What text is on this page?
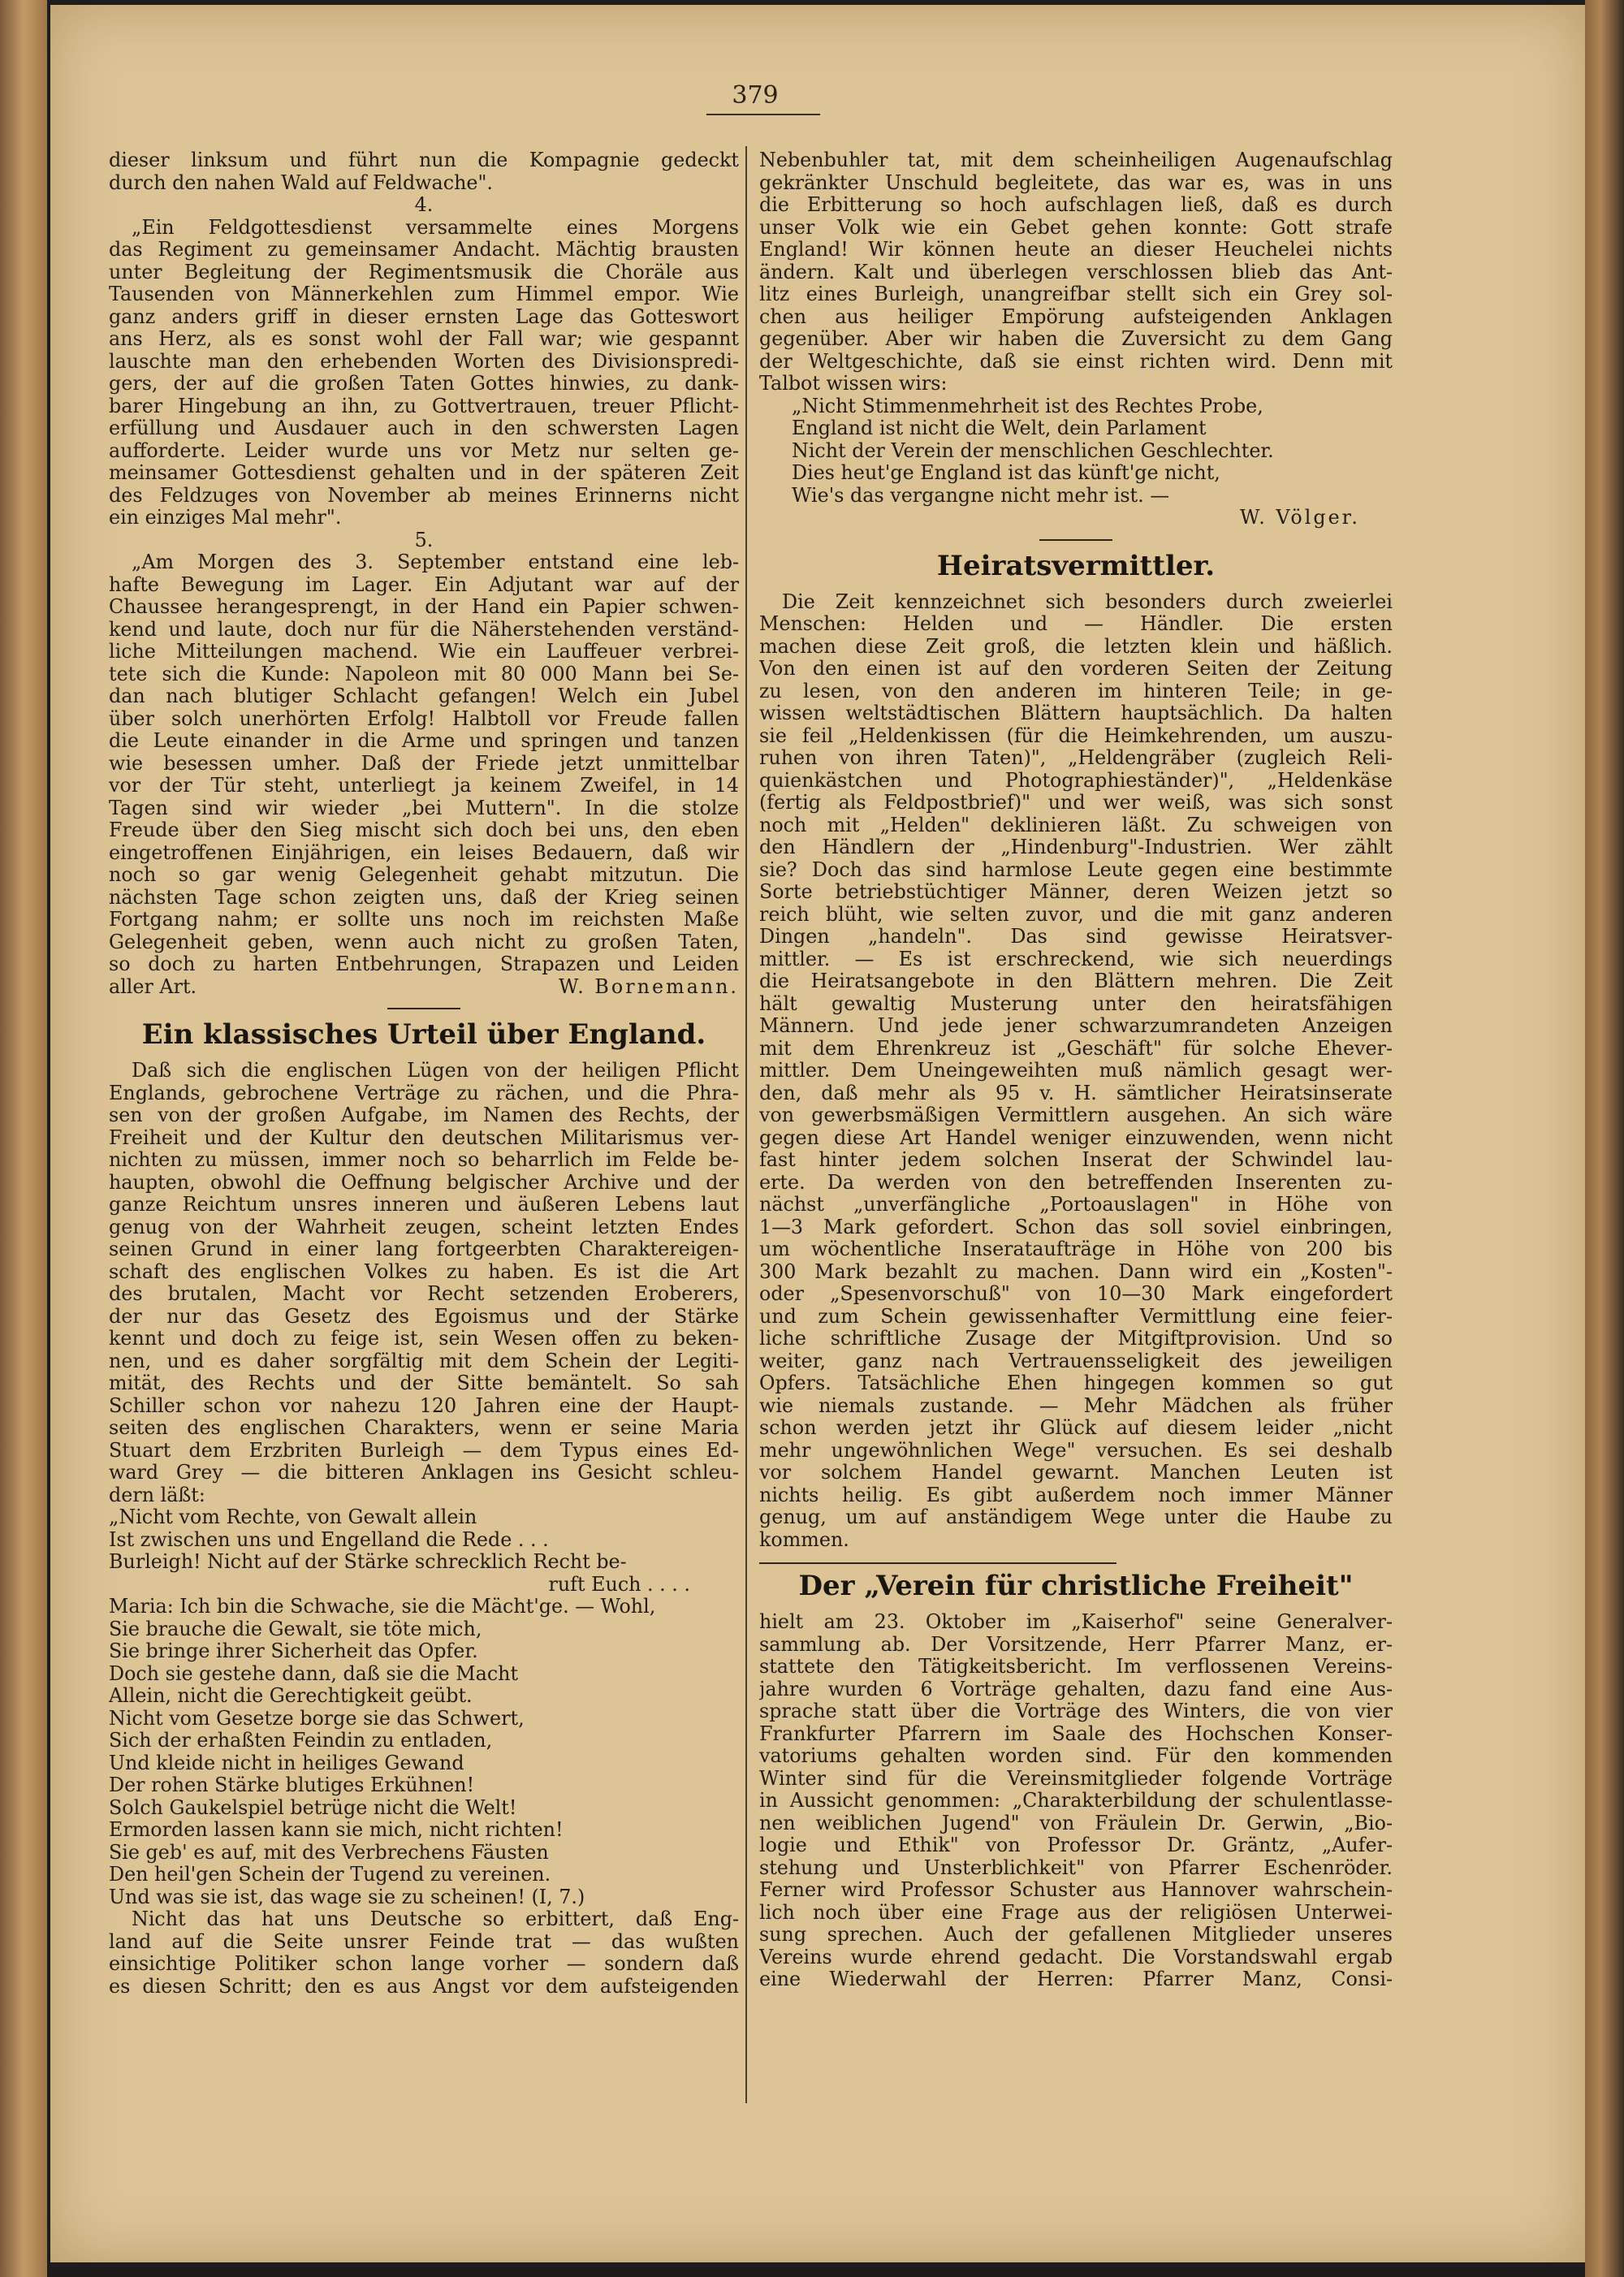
379
dieser linksum und führt nun die Kompagnie gedeckt
durch den nahen Wald auf Feldwache".
4.
„Ein Feldgottesdienst versammelte eines Morgens
das Regiment zu gemeinsamer Andacht. Mächtig brausten
unter Begleitung der Regimentsmusik die Choräle aus
Tausenden von Männerkehlen zum Himmel empor. Wie
ganz anders griff in dieser ernsten Lage das Gotteswort
ans Herz, als es sonst wohl der Fall war; wie gespannt
lauschte man den erhebenden Worten des Divisionspredi-
gers, der auf die großen Taten Gottes hinwies, zu dank-
barer Hingebung an ihn, zu Gottvertrauen, treuer Pflicht-
erfüllung und Ausdauer auch in den schwersten Lagen
aufforderte. Leider wurde uns vor Metz nur selten ge-
meinsamer Gottesdienst gehalten und in der späteren Zeit
des Feldzuges von November ab meines Erinnerns nicht
ein einziges Mal mehr".
5.
„Am Morgen des 3. September entstand eine leb-
hafte Bewegung im Lager. Ein Adjutant war auf der
Chaussee herangesprengt, in der Hand ein Papier schwen-
kend und laute, doch nur für die Näherstehenden verständ-
liche Mitteilungen machend. Wie ein Lauffeuer verbrei-
tete sich die Kunde: Napoleon mit 80 000 Mann bei Se-
dan nach blutiger Schlacht gefangen! Welch ein Jubel
über solch unerhörten Erfolg! Halbtoll vor Freude fallen
die Leute einander in die Arme und springen und tanzen
wie besessen umher. Daß der Friede jetzt unmittelbar
vor der Tür steht, unterliegt ja keinem Zweifel, in 14
Tagen sind wir wieder „bei Muttern". In die stolze
Freude über den Sieg mischt sich doch bei uns, den eben
eingetroffenen Einjährigen, ein leises Bedauern, daß wir
noch so gar wenig Gelegenheit gehabt mitzutun. Die
nächsten Tage schon zeigten uns, daß der Krieg seinen
Fortgang nahm; er sollte uns noch im reichsten Maße
Gelegenheit geben, wenn auch nicht zu großen Taten,
so doch zu harten Entbehrungen, Strapazen und Leiden
aller Art.	W. Bornemann.
Ein klassisches Urteil über England.
Daß sich die englischen Lügen von der heiligen Pflicht
Englands, gebrochene Verträge zu rächen, und die Phra-
sen von der großen Aufgabe, im Namen des Rechts, der
Freiheit und der Kultur den deutschen Militarismus ver-
nichten zu müssen, immer noch so beharrlich im Felde be-
haupten, obwohl die Oeffnung belgischer Archive und der
ganze Reichtum unsres inneren und äußeren Lebens laut
genug von der Wahrheit zeugen, scheint letzten Endes
seinen Grund in einer lang fortgeerbten Charaktereigen-
schaft des englischen Volkes zu haben. Es ist die Art
des brutalen, Macht vor Recht setzenden Eroberers,
der nur das Gesetz des Egoismus und der Stärke
kennt und doch zu feige ist, sein Wesen offen zu beken-
nen, und es daher sorgfältig mit dem Schein der Legiti-
mität, des Rechts und der Sitte bemäntelt. So sah
Schiller schon vor nahezu 120 Jahren eine der Haupt-
seiten des englischen Charakters, wenn er seine Maria
Stuart dem Erzbriten Burleigh — dem Typus eines Ed-
ward Grey — die bitteren Anklagen ins Gesicht schleu-
dern läßt:
„Nicht vom Rechte, von Gewalt allein
Ist zwischen uns und Engelland die Rede . . .
Burleigh! Nicht auf der Stärke schrecklich Recht be-
ruft Euch . . . .
Maria: Ich bin die Schwache, sie die Mächt'ge. — Wohl,
Sie brauche die Gewalt, sie töte mich,
Sie bringe ihrer Sicherheit das Opfer.
Doch sie gestehe dann, daß sie die Macht
Allein, nicht die Gerechtigkeit geübt.
Nicht vom Gesetze borge sie das Schwert,
Sich der erhaßten Feindin zu entladen,
Und kleide nicht in heiliges Gewand
Der rohen Stärke blutiges Erkühnen!
Solch Gaukelspiel betrüge nicht die Welt!
Ermorden lassen kann sie mich, nicht richten!
Sie geb' es auf, mit des Verbrechens Fäusten
Den heil'gen Schein der Tugend zu vereinen.
Und was sie ist, das wage sie zu scheinen! (I, 7.)
Nicht das hat uns Deutsche so erbittert, daß Eng-
land auf die Seite unsrer Feinde trat — das wußten
einsichtige Politiker schon lange vorher — sondern daß
es diesen Schritt; den es aus Angst vor dem aufsteigenden
Nebenbuhler tat, mit dem scheinheiligen Augenaufschlag
gekränkter Unschuld begleitete, das war es, was in uns
die Erbitterung so hoch aufschlagen ließ, daß es durch
unser Volk wie ein Gebet gehen konnte: Gott strafe
England! Wir können heute an dieser Heuchelei nichts
ändern. Kalt und überlegen verschlossen blieb das Ant-
litz eines Burleigh, unangreifbar stellt sich ein Grey sol-
chen aus heiliger Empörung aufsteigenden Anklagen
gegenüber. Aber wir haben die Zuversicht zu dem Gang
der Weltgeschichte, daß sie einst richten wird. Denn mit
Talbot wissen wirs:
„Nicht Stimmenmehrheit ist des Rechtes Probe,
England ist nicht die Welt, dein Parlament
Nicht der Verein der menschlichen Geschlechter.
Dies heut'ge England ist das künft'ge nicht,
Wie's das vergangne nicht mehr ist. —
W. Völger.
Heiratsvermittler.
Die Zeit kennzeichnet sich besonders durch zweierlei
Menschen: Helden und — Händler. Die ersten
machen diese Zeit groß, die letzten klein und häßlich.
Von den einen ist auf den vorderen Seiten der Zeitung
zu lesen, von den anderen im hinteren Teile; in ge-
wissen weltstädtischen Blättern hauptsächlich. Da halten
sie feil „Heldenkissen (für die Heimkehrenden, um auszu-
ruhen von ihren Taten)", „Heldengräber (zugleich Reli-
quienkästchen und Photographieständer)", „Heldenkäse
(fertig als Feldpostbrief)" und wer weiß, was sich sonst
noch mit „Helden" deklinieren läßt. Zu schweigen von
den Händlern der „Hindenburg"-Industrien. Wer zählt
sie? Doch das sind harmlose Leute gegen eine bestimmte
Sorte betriebstüchtiger Männer, deren Weizen jetzt so
reich blüht, wie selten zuvor, und die mit ganz anderen
Dingen „handeln". Das sind gewisse Heiratsver-
mittler. — Es ist erschreckend, wie sich neuerdings
die Heiratsangebote in den Blättern mehren. Die Zeit
hält gewaltig Musterung unter den heiratsfähigen
Männern. Und jede jener schwarzumrandeten Anzeigen
mit dem Ehrenkreuz ist „Geschäft" für solche Ehever-
mittler. Dem Uneingeweihten muß nämlich gesagt wer-
den, daß mehr als 95 v. H. sämtlicher Heiratsinserate
von gewerbsmäßigen Vermittlern ausgehen. An sich wäre
gegen diese Art Handel weniger einzuwenden, wenn nicht
fast hinter jedem solchen Inserat der Schwindel lau-
erte. Da werden von den betreffenden Inserenten zu-
nächst „unverfängliche „Portoauslagen" in Höhe von
1—3 Mark gefordert. Schon das soll soviel einbringen,
um wöchentliche Inserataufträge in Höhe von 200 bis
300 Mark bezahlt zu machen. Dann wird ein „Kosten"-
oder „Spesenvorschuß" von 10—30 Mark eingefordert
und zum Schein gewissenhafter Vermittlung eine feier-
liche schriftliche Zusage der Mitgiftprovision. Und so
weiter, ganz nach Vertrauensseligkeit des jeweiligen
Opfers. Tatsächliche Ehen hingegen kommen so gut
wie niemals zustande. — Mehr Mädchen als früher
schon werden jetzt ihr Glück auf diesem leider „nicht
mehr ungewöhnlichen Wege" versuchen. Es sei deshalb
vor solchem Handel gewarnt. Manchen Leuten ist
nichts heilig. Es gibt außerdem noch immer Männer
genug, um auf anständigem Wege unter die Haube zu
kommen.
Der „Verein für christliche Freiheit"
hielt am 23. Oktober im „Kaiserhof" seine Generalver-
sammlung ab. Der Vorsitzende, Herr Pfarrer Manz, er-
stattete den Tätigkeitsbericht. Im verflossenen Vereins-
jahre wurden 6 Vorträge gehalten, dazu fand eine Aus-
sprache statt über die Vorträge des Winters, die von vier
Frankfurter Pfarrern im Saale des Hochschen Konser-
vatoriums gehalten worden sind. Für den kommenden
Winter sind für die Vereinsmitglieder folgende Vorträge
in Aussicht genommen: „Charakterbildung der schulentlasse-
nen weiblichen Jugend" von Fräulein Dr. Gerwin, „Bio-
logie und Ethik" von Professor Dr. Gräntz, „Aufer-
stehung und Unsterblichkeit" von Pfarrer Eschenröder.
Ferner wird Professor Schuster aus Hannover wahrschein-
lich noch über eine Frage aus der religiösen Unterwei-
sung sprechen. Auch der gefallenen Mitglieder unseres
Vereins wurde ehrend gedacht. Die Vorstandswahl ergab
eine Wiederwahl der Herren: Pfarrer Manz, Consi-
